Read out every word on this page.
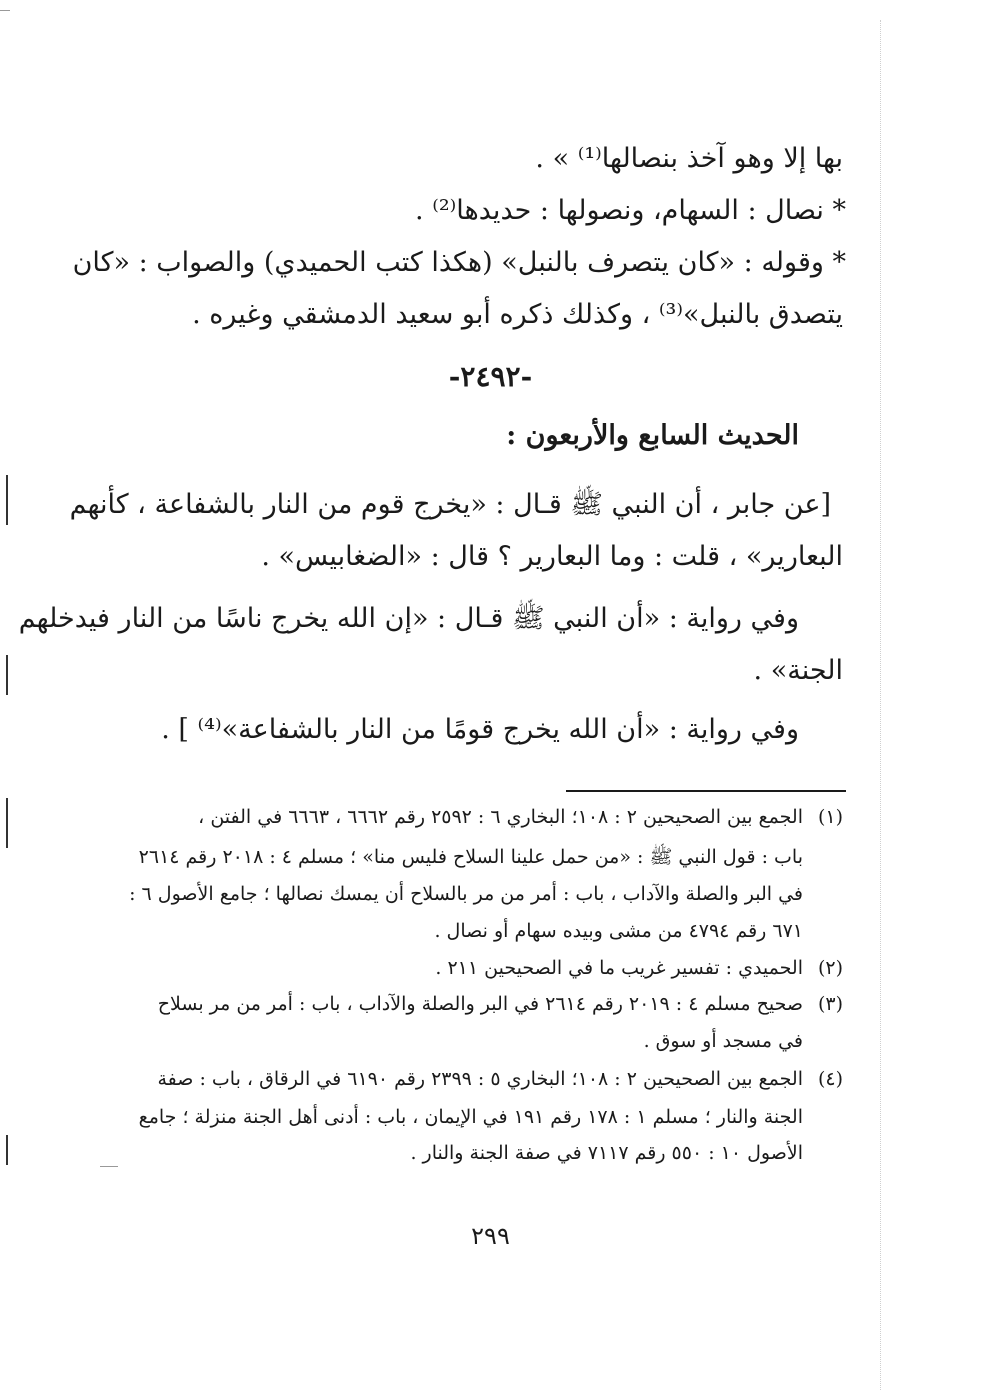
بها إلا وهو آخذ بنصالها⁽¹⁾ » .
* نصال : السهام، ونصولها : حديدها⁽²⁾ .
* وقوله : «كان يتصرف بالنبل» (هكذا كتب الحميدي) والصواب : «كان
يتصدق بالنبل»⁽³⁾ ، وكذلك ذكره أبو سعيد الدمشقي وغيره .
-٢٤٩٢-
الحديث السابع والأربعون :
[عن جابر ، أن النبي ﷺ قـال : «يخرج قوم من النار بالشفاعة ، كأنهم
البعارير» ، قلت : وما البعارير ؟ قال : «الضغابيس» .
وفي رواية : «أن النبي ﷺ قـال : «إن الله يخرج ناسًا من النار فيدخلهم
الجنة» .
وفي رواية : «أن الله يخرج قومًا من النار بالشفاعة»⁽⁴⁾ ] .
(١)
الجمع بين الصحيحين ٢ : ١٠٨؛ البخاري ٦ : ٢٥٩٢ رقم ٦٦٦٢ ، ٦٦٦٣ في الفتن ،
باب : قول النبي ﷺ : «من حمل علينا السلاح فليس منا» ؛ مسلم ٤ : ٢٠١٨ رقم ٢٦١٤
في البر والصلة والآداب ، باب : أمر من مر بالسلاح أن يمسك نصالها ؛ جامع الأصول ٦ :
٦٧١ رقم ٤٧٩٤ من مشى وبيده سهام أو نصال .
(٢)
الحميدي : تفسير غريب ما في الصحيحين ٢١١ .
(٣)
صحيح مسلم ٤ : ٢٠١٩ رقم ٢٦١٤ في البر والصلة والآداب ، باب : أمر من مر بسلاح
في مسجد أو سوق .
(٤)
الجمع بين الصحيحين ٢ : ١٠٨؛ البخاري ٥ : ٢٣٩٩ رقم ٦١٩٠ في الرقاق ، باب : صفة
الجنة والنار ؛ مسلم ١ : ١٧٨ رقم ١٩١ في الإيمان ، باب : أدنى أهل الجنة منزلة ؛ جامع
الأصول ١٠ : ٥٥٠ رقم ٧١١٧ في صفة الجنة والنار .
٢٩٩
